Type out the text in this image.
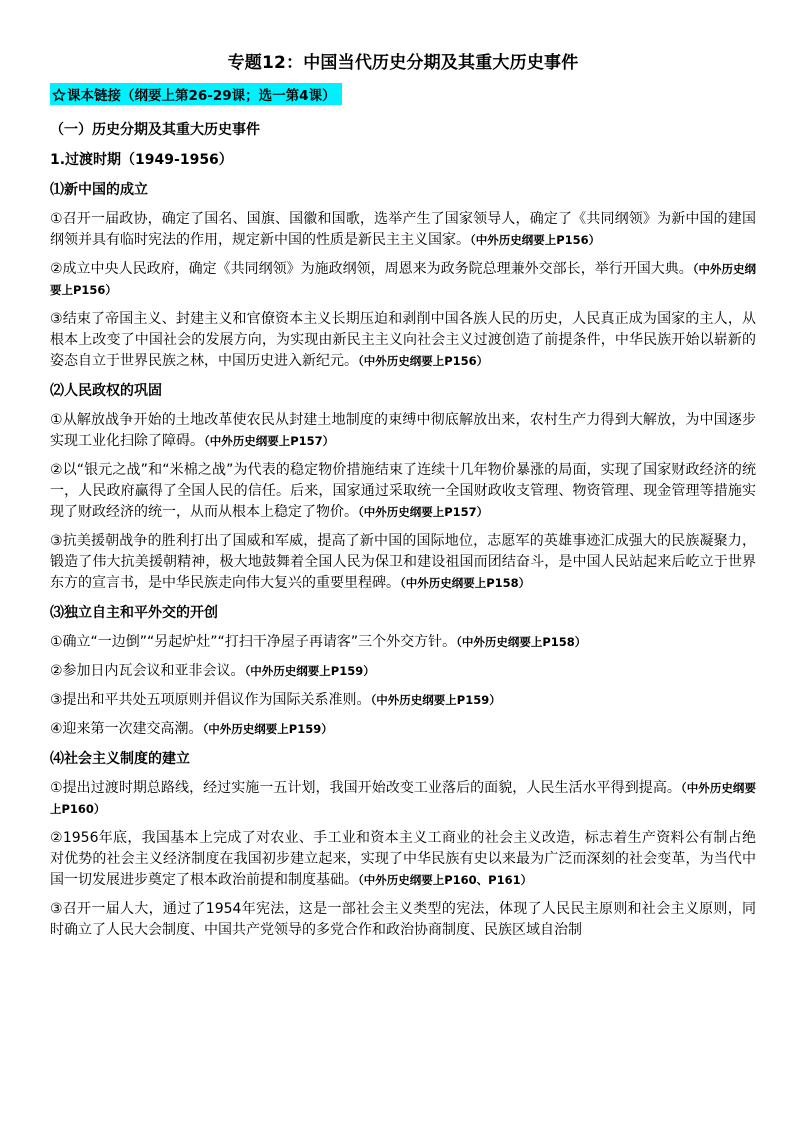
专题12：中国当代历史分期及其重大历史事件
课本链接（纲要上第26-29课；选一第4课）
（一）历史分期及其重大历史事件
1.过渡时期（1949-1956）
⑴新中国的成立
①召开一届政协，确定了国名、国旗、国徽和国歌，选举产生了国家领导人，确定了《共同纲领》为新中国的建国纲领并具有临时宪法的作用，规定新中国的性质是新民主主义国家。（中外历史纲要上P156）
②成立中央人民政府，确定《共同纲领》为施政纲领，周恩来为政务院总理兼外交部长，举行开国大典。（中外历史纲要上P156）
③结束了帝国主义、封建主义和官僚资本主义长期压迫和剥削中国各族人民的历史，人民真正成为国家的主人，从根本上改变了中国社会的发展方向，为实现由新民主主义向社会主义过渡创造了前提条件，中华民族开始以崭新的姿态自立于世界民族之林，中国历史进入新纪元。（中外历史纲要上P156）
⑵人民政权的巩固
①从解放战争开始的土地改革使农民从封建土地制度的束缚中彻底解放出来，农村生产力得到大解放，为中国逐步实现工业化扫除了障碍。（中外历史纲要上P157）
②以“银元之战”和“米棉之战”为代表的稳定物价措施结束了连续十几年物价暴涨的局面，实现了国家财政经济的统一，人民政府赢得了全国人民的信任。后来，国家通过采取统一全国财政收支管理、物资管理、现金管理等措施实现了财政经济的统一，从而从根本上稳定了物价。（中外历史纲要上P157）
③抗美援朝战争的胜利打出了国威和军威，提高了新中国的国际地位，志愿军的英雄事迹汇成强大的民族凝聚力，锻造了伟大抗美援朝精神，极大地鼓舞着全国人民为保卫和建设祖国而团结奋斗，是中国人民站起来后屹立于世界东方的宣言书，是中华民族走向伟大复兴的重要里程碑。（中外历史纲要上P158）
⑶独立自主和平外交的开创
①确立“一边倒”“另起炉灶”“打扫干净屋子再请客”三个外交方针。（中外历史纲要上P158）
②参加日内瓦会议和亚非会议。（中外历史纲要上P159）
③提出和平共处五项原则并倡议作为国际关系准则。（中外历史纲要上P159）
④迎来第一次建交高潮。（中外历史纲要上P159）
⑷社会主义制度的建立
①提出过渡时期总路线，经过实施一五计划，我国开始改变工业落后的面貌，人民生活水平得到提高。（中外历史纲要上P160）
②1956年底，我国基本上完成了对农业、手工业和资本主义工商业的社会主义改造，标志着生产资料公有制占绝对优势的社会主义经济制度在我国初步建立起来，实现了中华民族有史以来最为广泛而深刻的社会变革，为当代中国一切发展进步奠定了根本政治前提和制度基础。（中外历史纲要上P160、P161）
③召开一届人大，通过了1954年宪法，这是一部社会主义类型的宪法，体现了人民民主原则和社会主义原则，同时确立了人民大会制度、中国共产党领导的多党合作和政治协商制度、民族区域自治制
